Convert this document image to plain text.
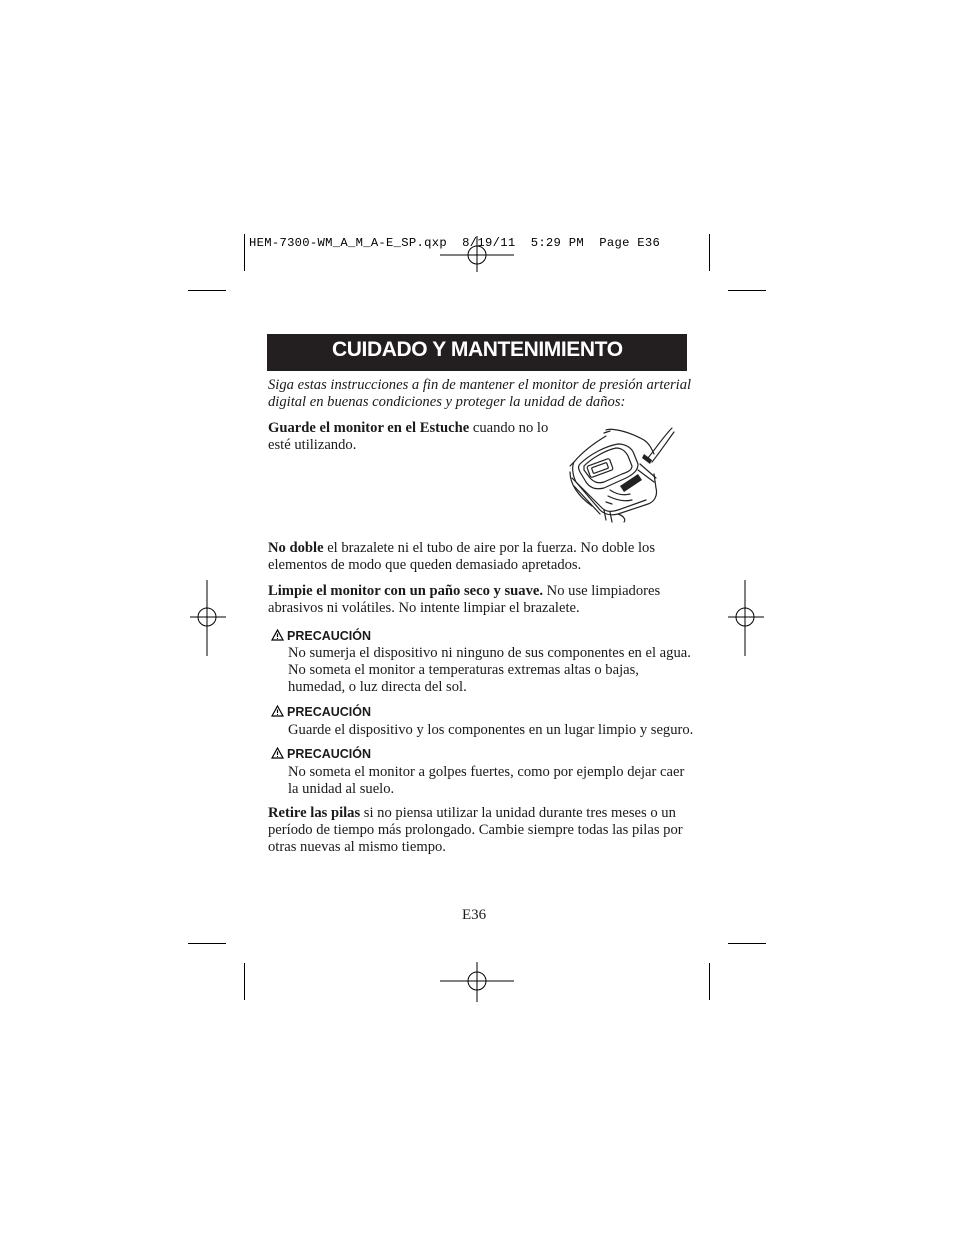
HEM-7300-WM_A_M_A-E_SP.qxp  8/19/11  5:29 PM  Page E36
CUIDADO Y MANTENIMIENTO
Siga estas instrucciones a fin de mantener el monitor de presión arterial digital en buenas condiciones y proteger la unidad de daños:
Guarde el monitor en el Estuche cuando no lo esté utilizando.
No doble el brazalete ni el tubo de aire por la fuerza. No doble los elementos de modo que queden demasiado apretados.
Limpie el monitor con un paño seco y suave. No use limpiadores abrasivos ni volátiles. No intente limpiar el brazalete.
PRECAUCIÓN
No sumerja el dispositivo ni ninguno de sus componentes en el agua.
No someta el monitor a temperaturas extremas altas o bajas,
humedad, o luz directa del sol.
PRECAUCIÓN
Guarde el dispositivo y los componentes en un lugar limpio y seguro.
PRECAUCIÓN
No someta el monitor a golpes fuertes, como por ejemplo dejar caer
la unidad al suelo.
Retire las pilas si no piensa utilizar la unidad durante tres meses o un período de tiempo más prolongado. Cambie siempre todas las pilas por otras nuevas al mismo tiempo.
E36
